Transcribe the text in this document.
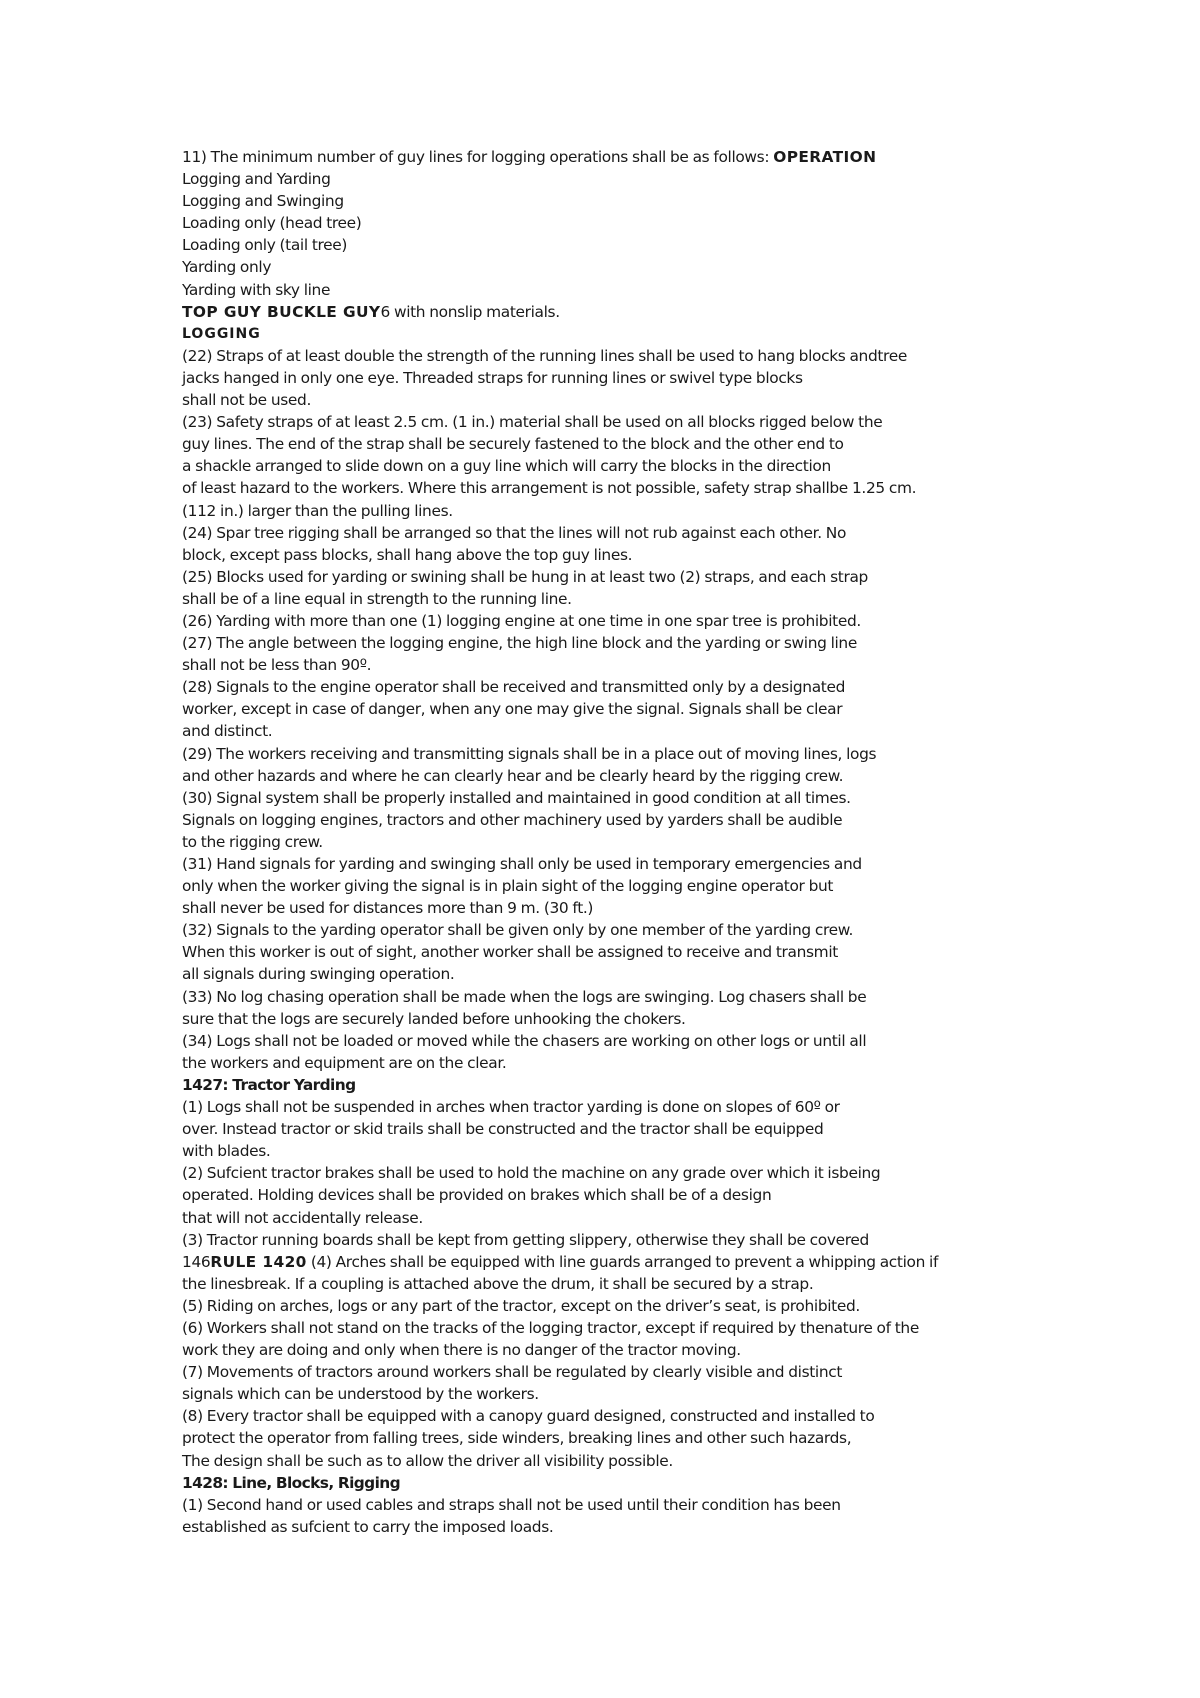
11) The minimum number of guy lines for logging operations shall be as follows: OPERATION
Logging and Yarding
Logging and Swinging
Loading only (head tree)
Loading only (tail tree)
Yarding only
Yarding with sky line
TOP GUY BUCKLE GUY6 with nonslip materials.
LOGGING
(22) Straps of at least double the strength of the running lines shall be used to hang blocks andtree
jacks hanged in only one eye. Threaded straps for running lines or swivel type blocks
shall not be used.
(23) Safety straps of at least 2.5 cm. (1 in.) material shall be used on all blocks rigged below the
guy lines. The end of the strap shall be securely fastened to the block and the other end to
a shackle arranged to slide down on a guy line which will carry the blocks in the direction
of least hazard to the workers. Where this arrangement is not possible, safety strap shallbe 1.25 cm.
(112 in.) larger than the pulling lines.
(24) Spar tree rigging shall be arranged so that the lines will not rub against each other. No
block, except pass blocks, shall hang above the top guy lines.
(25) Blocks used for yarding or swining shall be hung in at least two (2) straps, and each strap
shall be of a line equal in strength to the running line.
(26) Yarding with more than one (1) logging engine at one time in one spar tree is prohibited.
(27) The angle between the logging engine, the high line block and the yarding or swing line
shall not be less than 90º.
(28) Signals to the engine operator shall be received and transmitted only by a designated
worker, except in case of danger, when any one may give the signal. Signals shall be clear
and distinct.
(29) The workers receiving and transmitting signals shall be in a place out of moving lines, logs
and other hazards and where he can clearly hear and be clearly heard by the rigging crew.
(30) Signal system shall be properly installed and maintained in good condition at all times.
Signals on logging engines, tractors and other machinery used by yarders shall be audible
to the rigging crew.
(31) Hand signals for yarding and swinging shall only be used in temporary emergencies and
only when the worker giving the signal is in plain sight of the logging engine operator but
shall never be used for distances more than 9 m. (30 ft.)
(32) Signals to the yarding operator shall be given only by one member of the yarding crew.
When this worker is out of sight, another worker shall be assigned to receive and transmit
all signals during swinging operation.
(33) No log chasing operation shall be made when the logs are swinging. Log chasers shall be
sure that the logs are securely landed before unhooking the chokers.
(34) Logs shall not be loaded or moved while the chasers are working on other logs or until all
the workers and equipment are on the clear.
1427: Tractor Yarding
(1) Logs shall not be suspended in arches when tractor yarding is done on slopes of 60º or
over. Instead tractor or skid trails shall be constructed and the tractor shall be equipped
with blades.
(2) Sufcient tractor brakes shall be used to hold the machine on any grade over which it isbeing
operated. Holding devices shall be provided on brakes which shall be of a design
that will not accidentally release.
(3) Tractor running boards shall be kept from getting slippery, otherwise they shall be covered
146RULE 1420 (4) Arches shall be equipped with line guards arranged to prevent a whipping action if
the linesbreak. If a coupling is attached above the drum, it shall be secured by a strap.
(5) Riding on arches, logs or any part of the tractor, except on the driver’s seat, is prohibited.
(6) Workers shall not stand on the tracks of the logging tractor, except if required by thenature of the
work they are doing and only when there is no danger of the tractor moving.
(7) Movements of tractors around workers shall be regulated by clearly visible and distinct
signals which can be understood by the workers.
(8) Every tractor shall be equipped with a canopy guard designed, constructed and installed to
protect the operator from falling trees, side winders, breaking lines and other such hazards,
The design shall be such as to allow the driver all visibility possible.
1428: Line, Blocks, Rigging
(1) Second hand or used cables and straps shall not be used until their condition has been
established as sufcient to carry the imposed loads.
